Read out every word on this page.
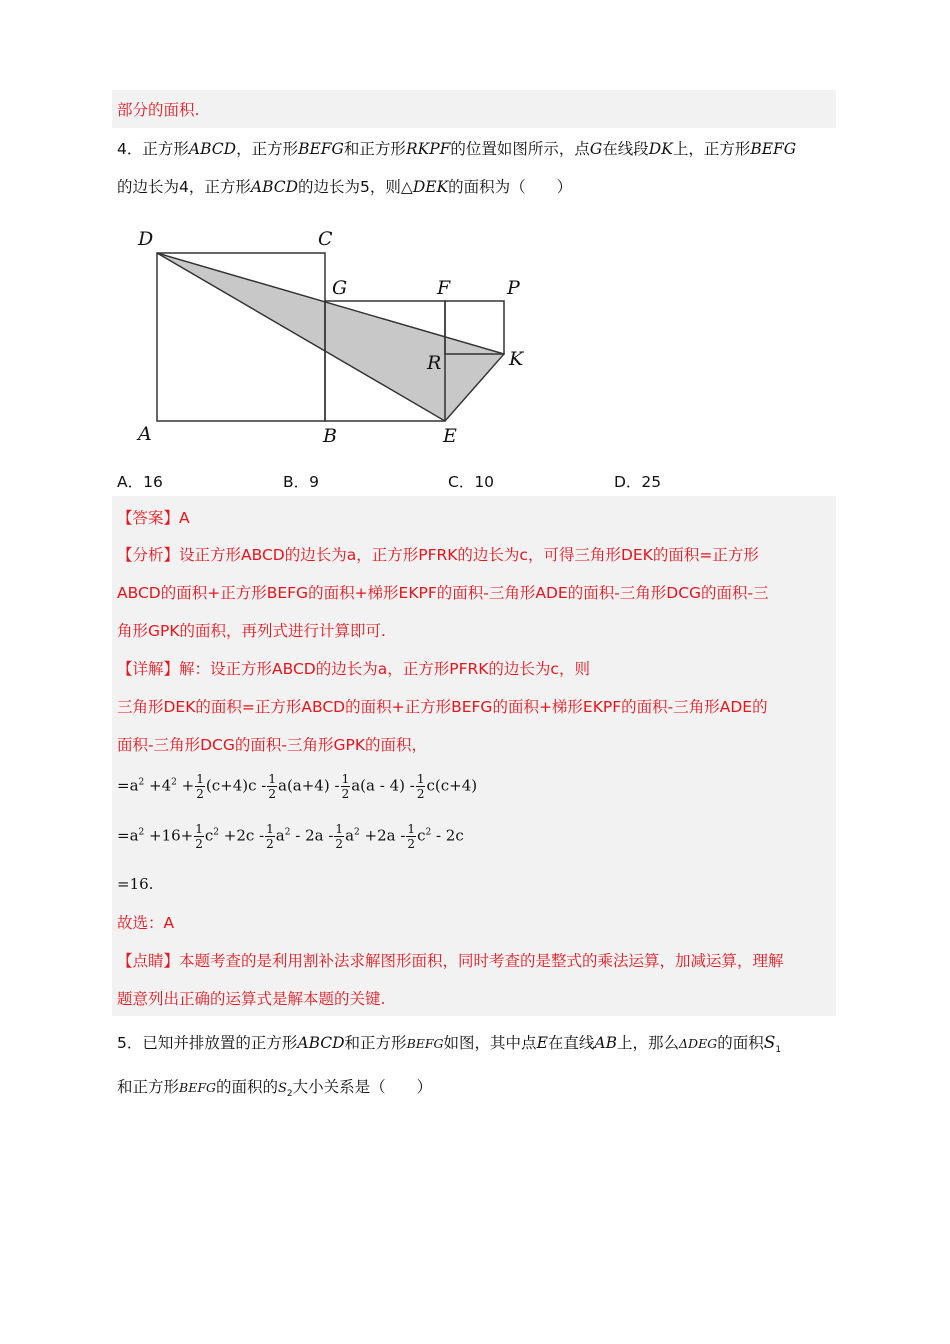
部分的面积.
4．正方形ABCD，正方形BEFG和正方形RKPF的位置如图所示，点G在线段DK上，正方形BEFG
的边长为4，正方形ABCD的边长为5，则△DEK的面积为（　　）
D	C
G	F	P
R	K
A	B	E
A．16	B．9	C．10	D．25
【答案】A
【分析】设正方形ABCD的边长为a，正方形PFRK的边长为c，可得三角形DEK的面积=正方形
ABCD的面积+正方形BEFG的面积+梯形EKPF的面积-三角形ADE的面积-三角形DCG的面积-三
角形GPK的面积，再列式进行计算即可.
【详解】解：设正方形ABCD的边长为a，正方形PFRK的边长为c，则
三角形DEK的面积=正方形ABCD的面积+正方形BEFG的面积+梯形EKPF的面积-三角形ADE的
面积-三角形DCG的面积-三角形GPK的面积，
$=a^2 +4^2 + \frac{1}{2} (c+4)c - \frac{1}{2} a(a+4) - \frac{1}{2} a(a - 4) - \frac{1}{2} c(c+4)$
$=a^2 +16+ \frac{1}{2} c^2 +2c - \frac{1}{2} a^2 - 2a - \frac{1}{2} a^2 +2a - \frac{1}{2} c^2 - 2c$
=16.
故选：A
【点睛】本题考查的是利用割补法求解图形面积，同时考查的是整式的乘法运算，加减运算，理解
题意列出正确的运算式是解本题的关键.
5．已知并排放置的正方形ABCD和正方形BEFG如图，其中点E在直线AB上，那么ΔDEG的面积$S_1$
和正方形BEFG的面积的$S_2$大小关系是（　　）
